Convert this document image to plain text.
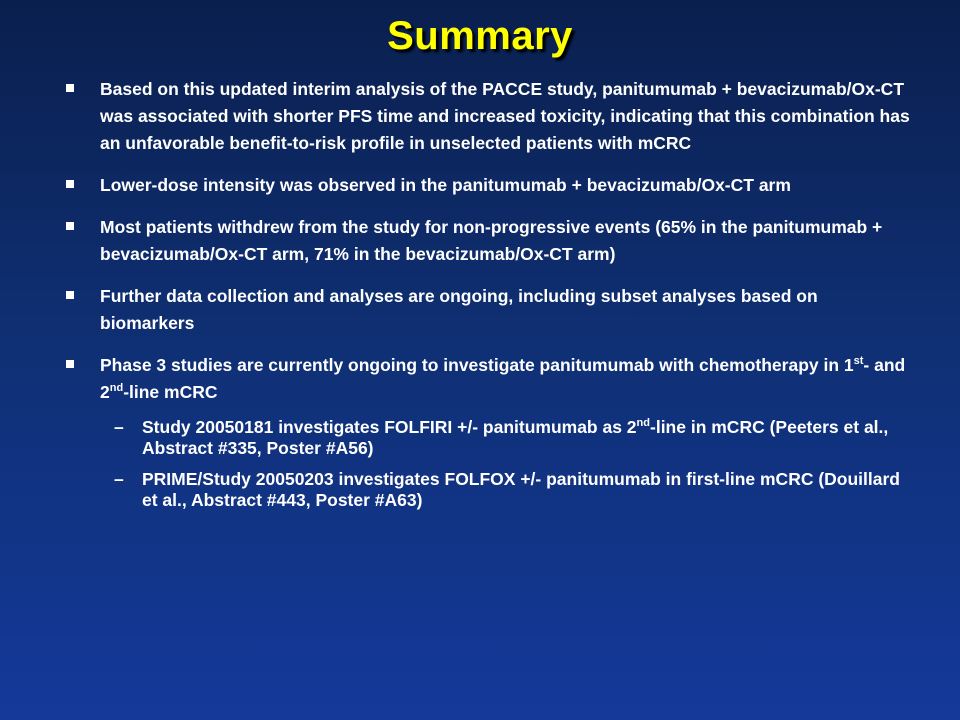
Summary
Based on this updated interim analysis of the PACCE study, panitumumab + bevacizumab/Ox-CT was associated with shorter PFS time and increased toxicity, indicating that this combination has an unfavorable benefit-to-risk profile in unselected patients with mCRC
Lower-dose intensity was observed in the panitumumab + bevacizumab/Ox-CT arm
Most patients withdrew from the study for non-progressive events (65% in the panitumumab + bevacizumab/Ox-CT arm, 71% in the bevacizumab/Ox-CT arm)
Further data collection and analyses are ongoing, including subset analyses based on biomarkers
Phase 3 studies are currently ongoing to investigate panitumumab with chemotherapy in 1st- and 2nd-line mCRC
– Study 20050181 investigates FOLFIRI +/- panitumumab as 2nd-line in mCRC (Peeters et al., Abstract #335, Poster #A56)
– PRIME/Study 20050203 investigates FOLFOX +/- panitumumab in first-line mCRC (Douillard et al., Abstract #443, Poster #A63)
